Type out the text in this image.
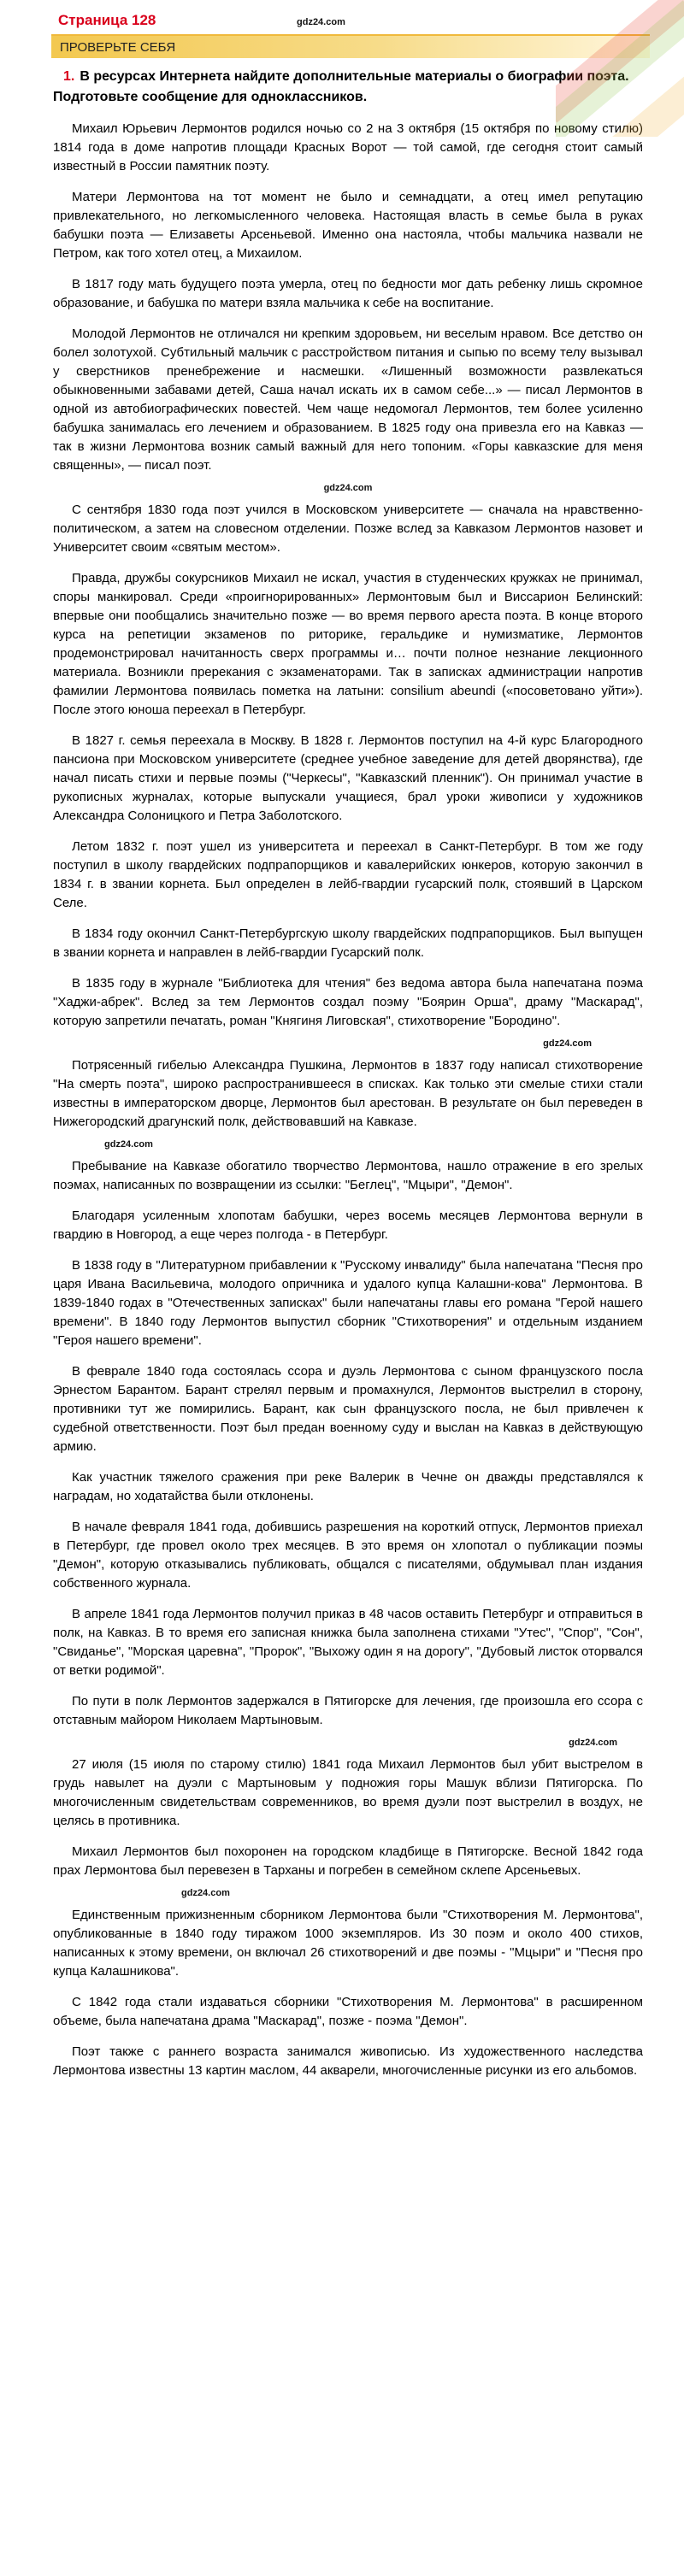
Страница 128	gdz24.com
ПРОВЕРЬТЕ СЕБЯ
1. В ресурсах Интернета найдите дополнительные материалы о биографии поэта. Подготовьте сообщение для одноклассников.

Михаил Юрьевич Лермонтов родился ночью со 2 на 3 октября (15 октября по новому стилю) 1814 года в доме напротив площади Красных Ворот — той самой, где сегодня стоит самый известный в России памятник поэту.

Матери Лермонтова на тот момент не было и семнадцати, а отец имел репутацию привлекательного, но легкомысленного человека. Настоящая власть в семье была в руках бабушки поэта — Елизаветы Арсеньевой. Именно она настояла, чтобы мальчика назвали не Петром, как того хотел отец, а Михаилом.

В 1817 году мать будущего поэта умерла, отец по бедности мог дать ребенку лишь скромное образование, и бабушка по матери взяла мальчика к себе на воспитание.

Молодой Лермонтов не отличался ни крепким здоровьем, ни веселым нравом. Все детство он болел золотухой. Субтильный мальчик с расстройством питания и сыпью по всему телу вызывал у сверстников пренебрежение и насмешки. «Лишенный возможности развлекаться обыкновенными забавами детей, Саша начал искать их в самом себе...» — писал Лермонтов в одной из автобиографических повестей. Чем чаще недомогал Лермонтов, тем более усиленно бабушка занималась его лечением и образованием. В 1825 году она привезла его на Кавказ — так в жизни Лермонтова возник самый важный для него топоним. «Горы кавказские для меня священны», — писал поэт.

gdz24.com

С сентября 1830 года поэт учился в Московском университете — сначала на нравственно-политическом, а затем на словесном отделении. Позже вслед за Кавказом Лермонтов назовет и Университет своим «святым местом».

Правда, дружбы сокурсников Михаил не искал, участия в студенческих кружках не принимал, споры манкировал. Среди «проигнорированных» Лермонтовым был и Виссарион Белинский: впервые они пообщались значительно позже — во время первого ареста поэта. В конце второго курса на репетиции экзаменов по риторике, геральдике и нумизматике, Лермонтов продемонстрировал начитанность сверх программы и… почти полное незнание лекционного материала. Возникли пререкания с экзаменаторами. Так в записках администрации напротив фамилии Лермонтова появилась пометка на латыни: consilium abeundi («посоветовано уйти»). После этого юноша переехал в Петербург.

В 1827 г. семья переехала в Москву. В 1828 г. Лермонтов поступил на 4-й курс Благородного пансиона при Московском университете (среднее учебное заведение для детей дворянства), где начал писать стихи и первые поэмы ("Черкесы", "Кавказский пленник"). Он принимал участие в рукописных журналах, которые выпускали учащиеся, брал уроки живописи у художников Александра Солоницкого и Петра Заболотского.

Летом 1832 г. поэт ушел из университета и переехал в Санкт-Петербург. В том же году поступил в школу гвардейских подпрапорщиков и кавалерийских юнкеров, которую закончил в 1834 г. в звании корнета. Был определен в лейб-гвардии гусарский полк, стоявший в Царском Селе.

В 1834 году окончил Санкт-Петербургскую школу гвардейских подпрапорщиков. Был выпущен в звании корнета и направлен в лейб-гвардии Гусарский полк.

В 1835 году в журнале "Библиотека для чтения" без ведома автора была напечатана поэма "Хаджи-абрек". Вслед за тем Лермонтов создал поэму "Боярин Орша", драму "Маскарад", которую запретили печатать, роман "Княгиня Лиговская", стихотворение "Бородино".

gdz24.com

Потрясенный гибелью Александра Пушкина, Лермонтов в 1837 году написал стихотворение "На смерть поэта", широко распространившееся в списках. Как только эти смелые стихи стали известны в императорском дворце, Лермонтов был арестован. В результате он был переведен в Нижегородский драгунский полк, действовавший на Кавказе.

gdz24.com

Пребывание на Кавказе обогатило творчество Лермонтова, нашло отражение в его зрелых поэмах, написанных по возвращении из ссылки: "Беглец", "Мцыри", "Демон".

Благодаря усиленным хлопотам бабушки, через восемь месяцев Лермонтова вернули в гвардию в Новгород, а еще через полгода - в Петербург.

В 1838 году в "Литературном прибавлении к "Русскому инвалиду" была напечатана "Песня про царя Ивана Васильевича, молодого опричника и удалого купца Калашни-кова" Лермонтова. В 1839-1840 годах в "Отечественных записках" были напечатаны главы его романа "Герой нашего времени". В 1840 году Лермонтов выпустил сборник "Стихотворения" и отдельным изданием "Героя нашего времени".

В феврале 1840 года состоялась ссора и дуэль Лермонтова с сыном французского посла Эрнестом Барантом. Барант стрелял первым и промахнулся, Лермонтов выстрелил в сторону, противники тут же помирились. Барант, как сын французского посла, не был привлечен к судебной ответственности. Поэт был предан военному суду и выслан на Кавказ в действующую армию.

Как участник тяжелого сражения при реке Валерик в Чечне он дважды представлялся к наградам, но ходатайства были отклонены.

В начале февраля 1841 года, добившись разрешения на короткий отпуск, Лермонтов приехал в Петербург, где провел около трех месяцев. В это время он хлопотал о публикации поэмы "Демон", которую отказывались публиковать, общался с писателями, обдумывал план издания собственного журнала.

В апреле 1841 года Лермонтов получил приказ в 48 часов оставить Петербург и отправиться в полк, на Кавказ. В то время его записная книжка была заполнена стихами "Утес", "Спор", "Сон", "Свиданье", "Морская царевна", "Пророк", "Выхожу один я на дорогу", "Дубовый листок оторвался от ветки родимой".

По пути в полк Лермонтов задержался в Пятигорске для лечения, где произошла его ссора с отставным майором Николаем Мартыновым.

gdz24.com

27 июля (15 июля по старому стилю) 1841 года Михаил Лермонтов был убит выстрелом в грудь навылет на дуэли с Мартыновым у подножия горы Машук вблизи Пятигорска. По многочисленным свидетельствам современников, во время дуэли поэт выстрелил в воздух, не целясь в противника.

Михаил Лермонтов был похоронен на городском кладбище в Пятигорске. Весной 1842 года прах Лермонтова был перевезен в Тарханы и погребен в семейном склепе Арсеньевых.

gdz24.com

Единственным прижизненным сборником Лермонтова были "Стихотворения М. Лермонтова", опубликованные в 1840 году тиражом 1000 экземпляров. Из 30 поэм и около 400 стихов, написанных к этому времени, он включал 26 стихотворений и две поэмы - "Мцыри" и "Песня про купца Калашникова".

С 1842 года стали издаваться сборники "Стихотворения М. Лермонтова" в расширенном объеме, была напечатана драма "Маскарад", позже - поэма "Демон".

Поэт также с раннего возраста занимался живописью. Из художественного наследства Лермонтова известны 13 картин маслом, 44 акварели, многочисленные рисунки из его альбомов.
